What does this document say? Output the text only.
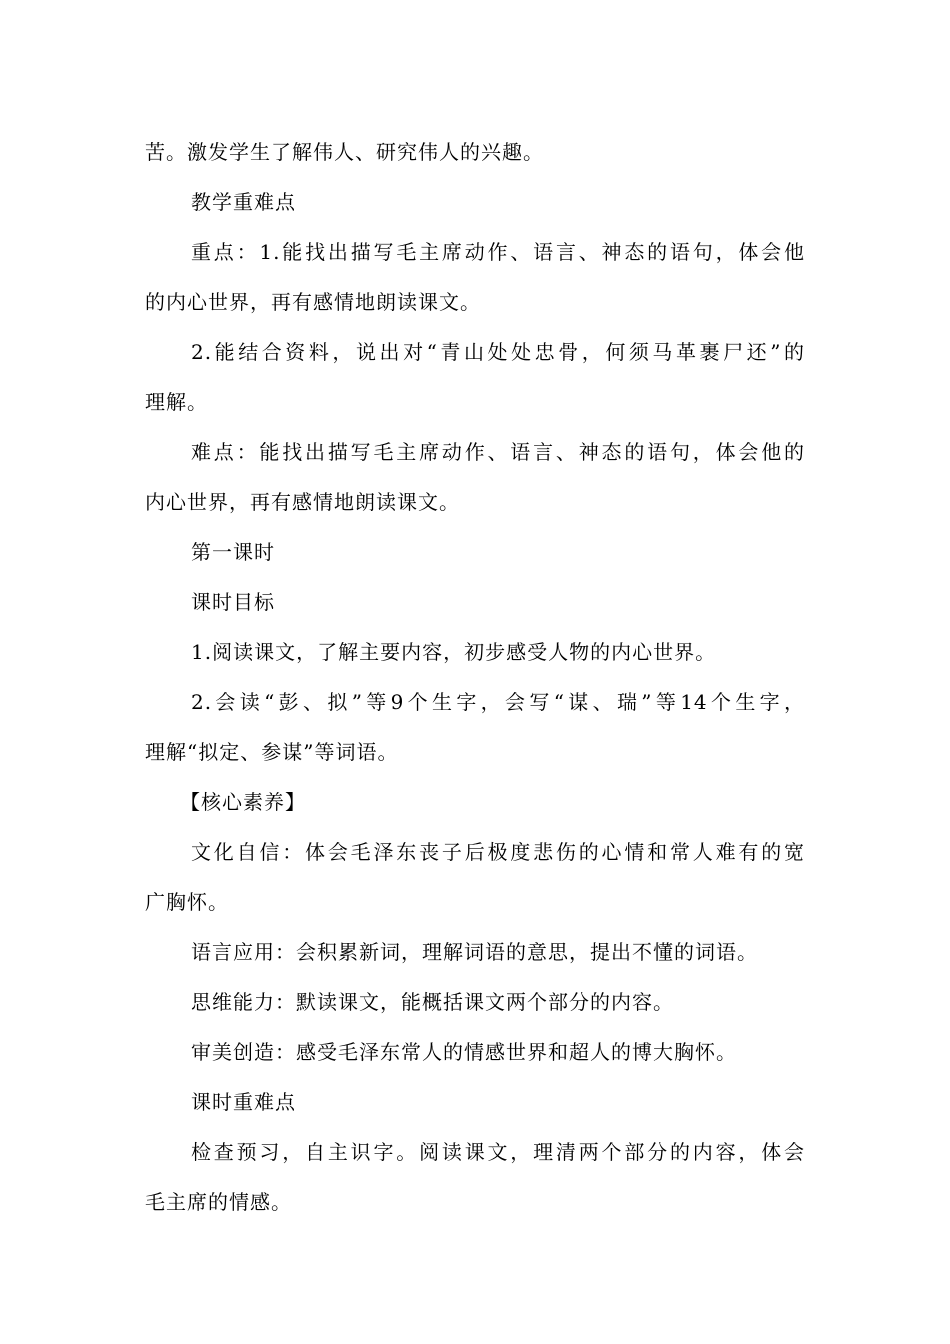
苦。激发学生了解伟人、研究伟人的兴趣。
教学重难点
重点：1.能找出描写毛主席动作、语言、神态的语句，体会他
的内心世界，再有感情地朗读课文。
2.能结合资料，说出对“青山处处忠骨，何须马革裹尸还”的
理解。
难点：能找出描写毛主席动作、语言、神态的语句，体会他的
内心世界，再有感情地朗读课文。
第一课时
课时目标
1.阅读课文，了解主要内容，初步感受人物的内心世界。
2.会读“彭、拟”等9个生字，会写“谋、瑞”等14个生字，
理解“拟定、参谋”等词语。
【核心素养】
文化自信：体会毛泽东丧子后极度悲伤的心情和常人难有的宽
广胸怀。
语言应用：会积累新词，理解词语的意思，提出不懂的词语。
思维能力：默读课文，能概括课文两个部分的内容。
审美创造：感受毛泽东常人的情感世界和超人的博大胸怀。
课时重难点
检查预习，自主识字。阅读课文，理清两个部分的内容，体会
毛主席的情感。
